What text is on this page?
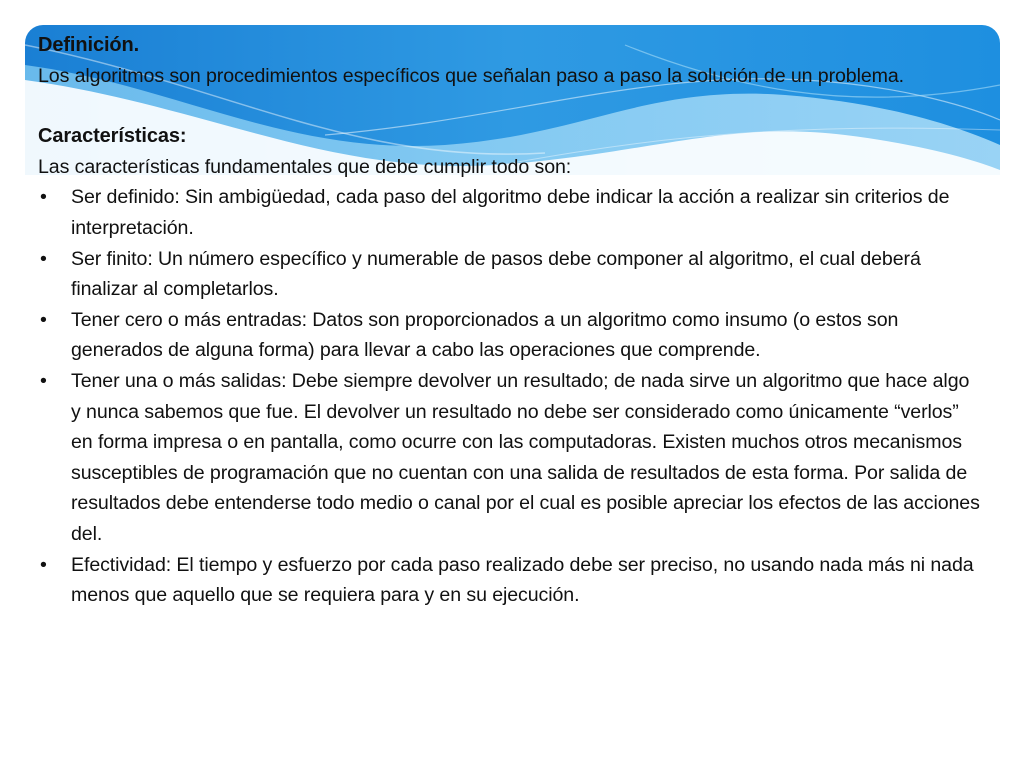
Definición.

Los algoritmos son procedimientos específicos que señalan paso a paso la solución de un problema.

Características:

Las características fundamentales que debe cumplir todo son:

• Ser definido: Sin ambigüedad, cada paso del algoritmo debe indicar la acción a realizar sin criterios de interpretación.
• Ser finito: Un número específico y numerable de pasos debe componer al algoritmo, el cual deberá finalizar al completarlos.
• Tener cero o más entradas: Datos son proporcionados a un algoritmo como insumo (o estos son generados de alguna forma) para llevar a cabo las operaciones que comprende.
• Tener una o más salidas: Debe siempre devolver un resultado; de nada sirve un algoritmo que hace algo y nunca sabemos que fue. El devolver un resultado no debe ser considerado como únicamente “verlos” en forma impresa o en pantalla, como ocurre con las computadoras. Existen muchos otros mecanismos susceptibles de programación que no cuentan con una salida de resultados de esta forma. Por salida de resultados debe entenderse todo medio o canal por el cual es posible apreciar los efectos de las acciones del.
• Efectividad: El tiempo y esfuerzo por cada paso realizado debe ser preciso, no usando nada más ni nada menos que aquello que se requiera para y en su ejecución.
